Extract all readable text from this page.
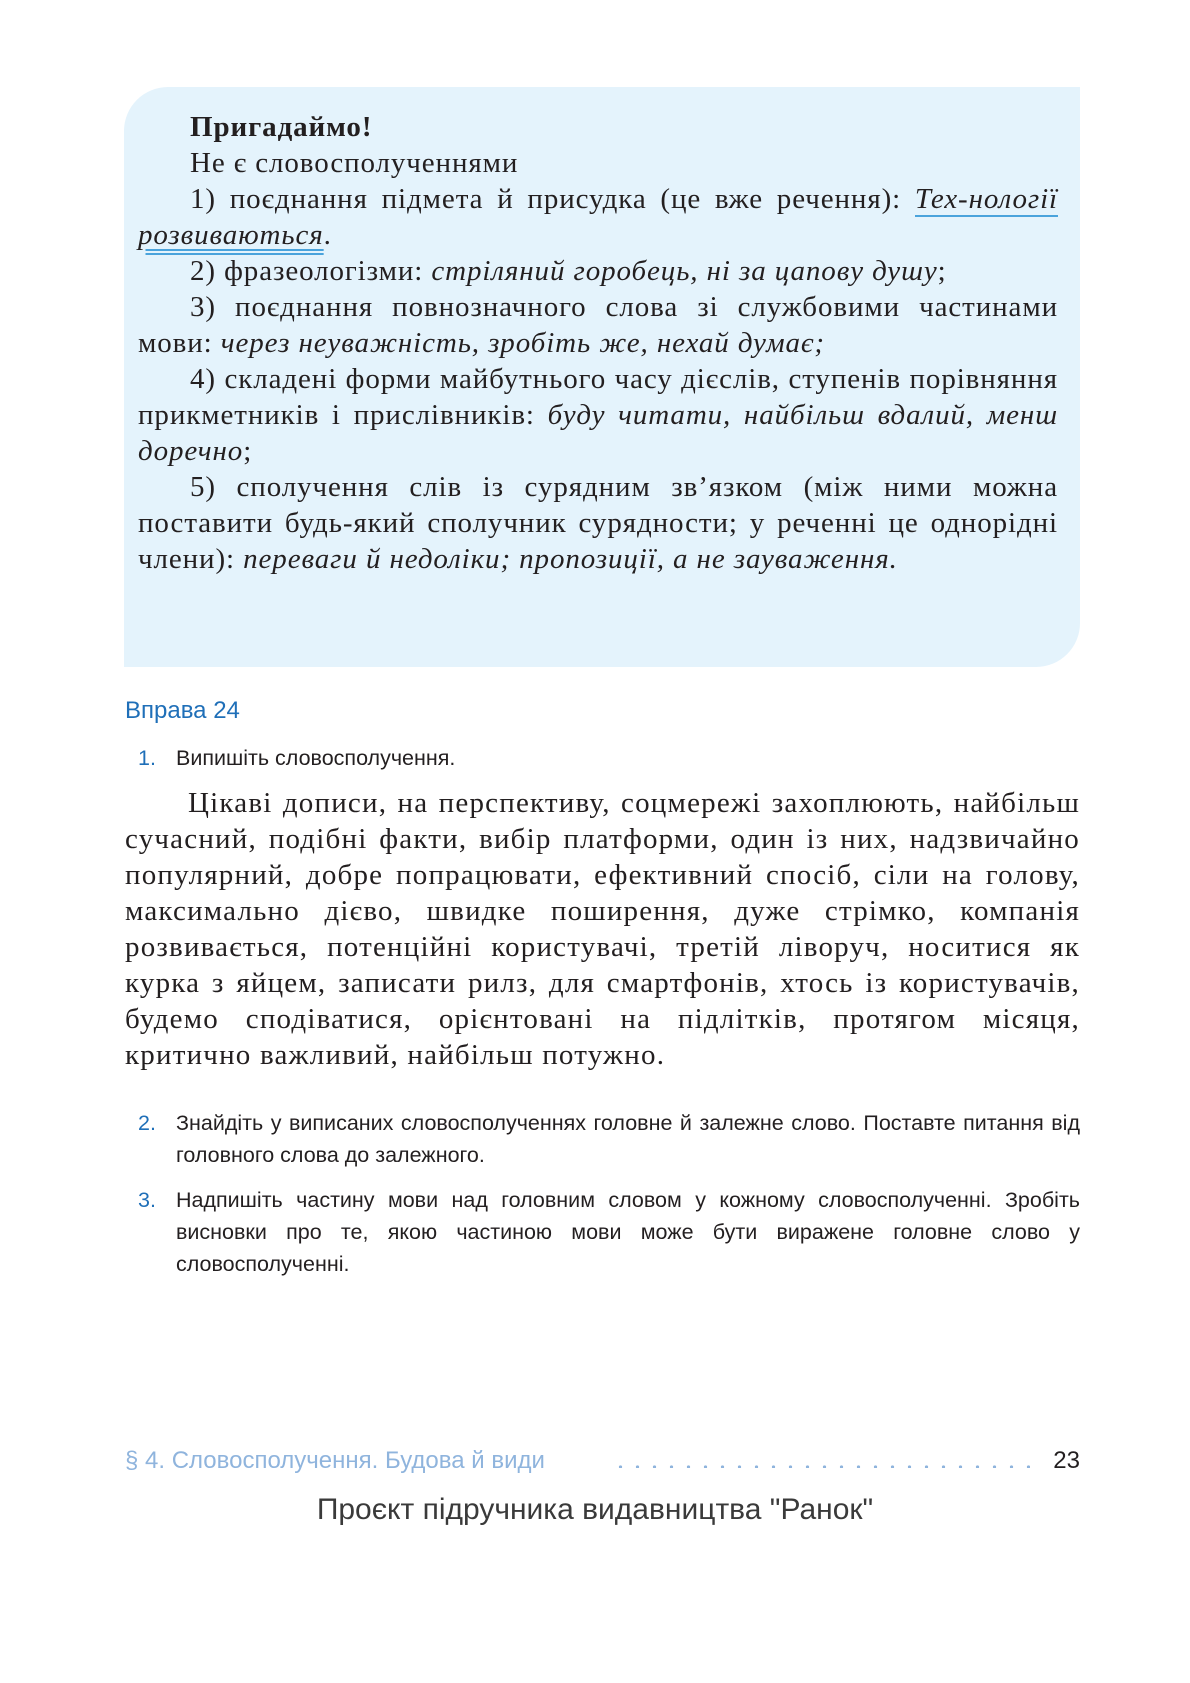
Пригадаймо!

Не є словосполученнями

1) поєднання підмета й присудка (це вже речення): Тех-нології розвиваються.

2) фразеологізми: стріляний горобець, ні за цапову душу;

3) поєднання повнозначного слова зі службовими частинами мови: через неуважність, зробіть же, нехай думає;

4) складені форми майбутнього часу дієслів, ступенів порівняння прикметників і прислівників: буду читати, найбільш вдалий, менш доречно;

5) сполучення слів із сурядним зв’язком (між ними можна поставити будь-який сполучник сурядности; у реченні це однорідні члени): переваги й недоліки; пропозиції, а не зауваження.

Вправа 24
1. Випишіть словосполучення.

Цікаві дописи, на перспективу, соцмережі захоплюють, найбільш сучасний, подібні факти, вибір платформи, один із них, надзвичайно популярний, добре попрацювати, ефективний спосіб, сіли на голову, максимально дієво, швидке поширення, дуже стрімко, компанія розвивається, потенційні користувачі, третій ліворуч, носитися як курка з яйцем, записати рилз, для смартфонів, хтось із користувачів, будемо сподіватися, орієнтовані на підлітків, протягом місяця, критично важливий, найбільш потужно.

2. Знайдіть у виписаних словосполученнях головне й залежне слово. Поставте питання від головного слова до залежного.
3. Надпишіть частину мови над головним словом у кожному словосполученні. Зробіть висновки про те, якою частиною мови може бути виражене головне слово у словосполученні.
§ 4. Словосполучення. Будова й види	23
Проєкт підручника видавництва "Ранок"
